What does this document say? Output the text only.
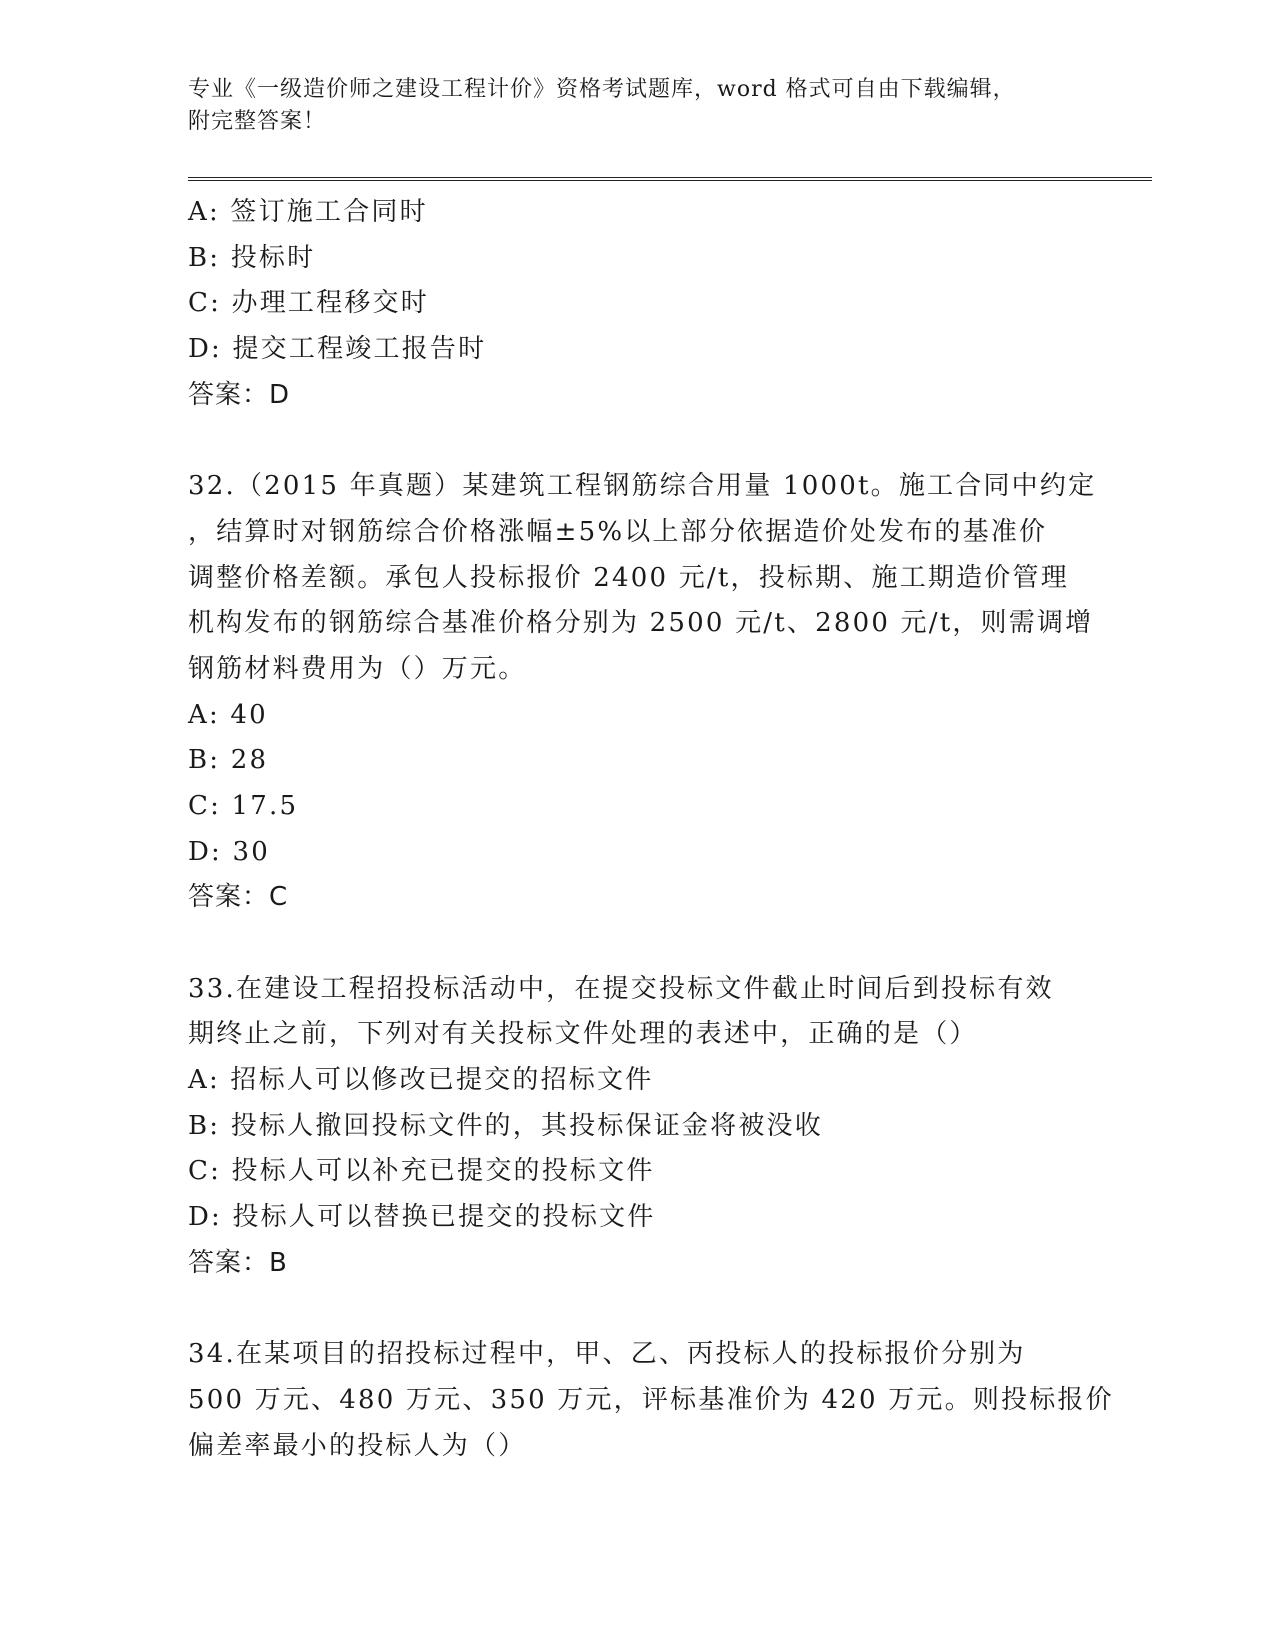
专业《一级造价师之建设工程计价》资格考试题库，word 格式可自由下载编辑，
附完整答案！
A: 签订施工合同时
B: 投标时
C: 办理工程移交时
D: 提交工程竣工报告时
答案：D
32.（2015 年真题）某建筑工程钢筋综合用量 1000t。施工合同中约定
，结算时对钢筋综合价格涨幅±5%以上部分依据造价处发布的基准价
调整价格差额。承包人投标报价 2400 元/t，投标期、施工期造价管理
机构发布的钢筋综合基准价格分别为 2500 元/t、2800 元/t，则需调增
钢筋材料费用为（）万元。
A: 40
B: 28
C: 17.5
D: 30
答案：C
33.在建设工程招投标活动中，在提交投标文件截止时间后到投标有效
期终止之前，下列对有关投标文件处理的表述中，正确的是（）
A: 招标人可以修改已提交的招标文件
B: 投标人撤回投标文件的，其投标保证金将被没收
C: 投标人可以补充已提交的投标文件
D: 投标人可以替换已提交的投标文件
答案：B
34.在某项目的招投标过程中，甲、乙、丙投标人的投标报价分别为
500 万元、480 万元、350 万元，评标基准价为 420 万元。则投标报价
偏差率最小的投标人为（）
